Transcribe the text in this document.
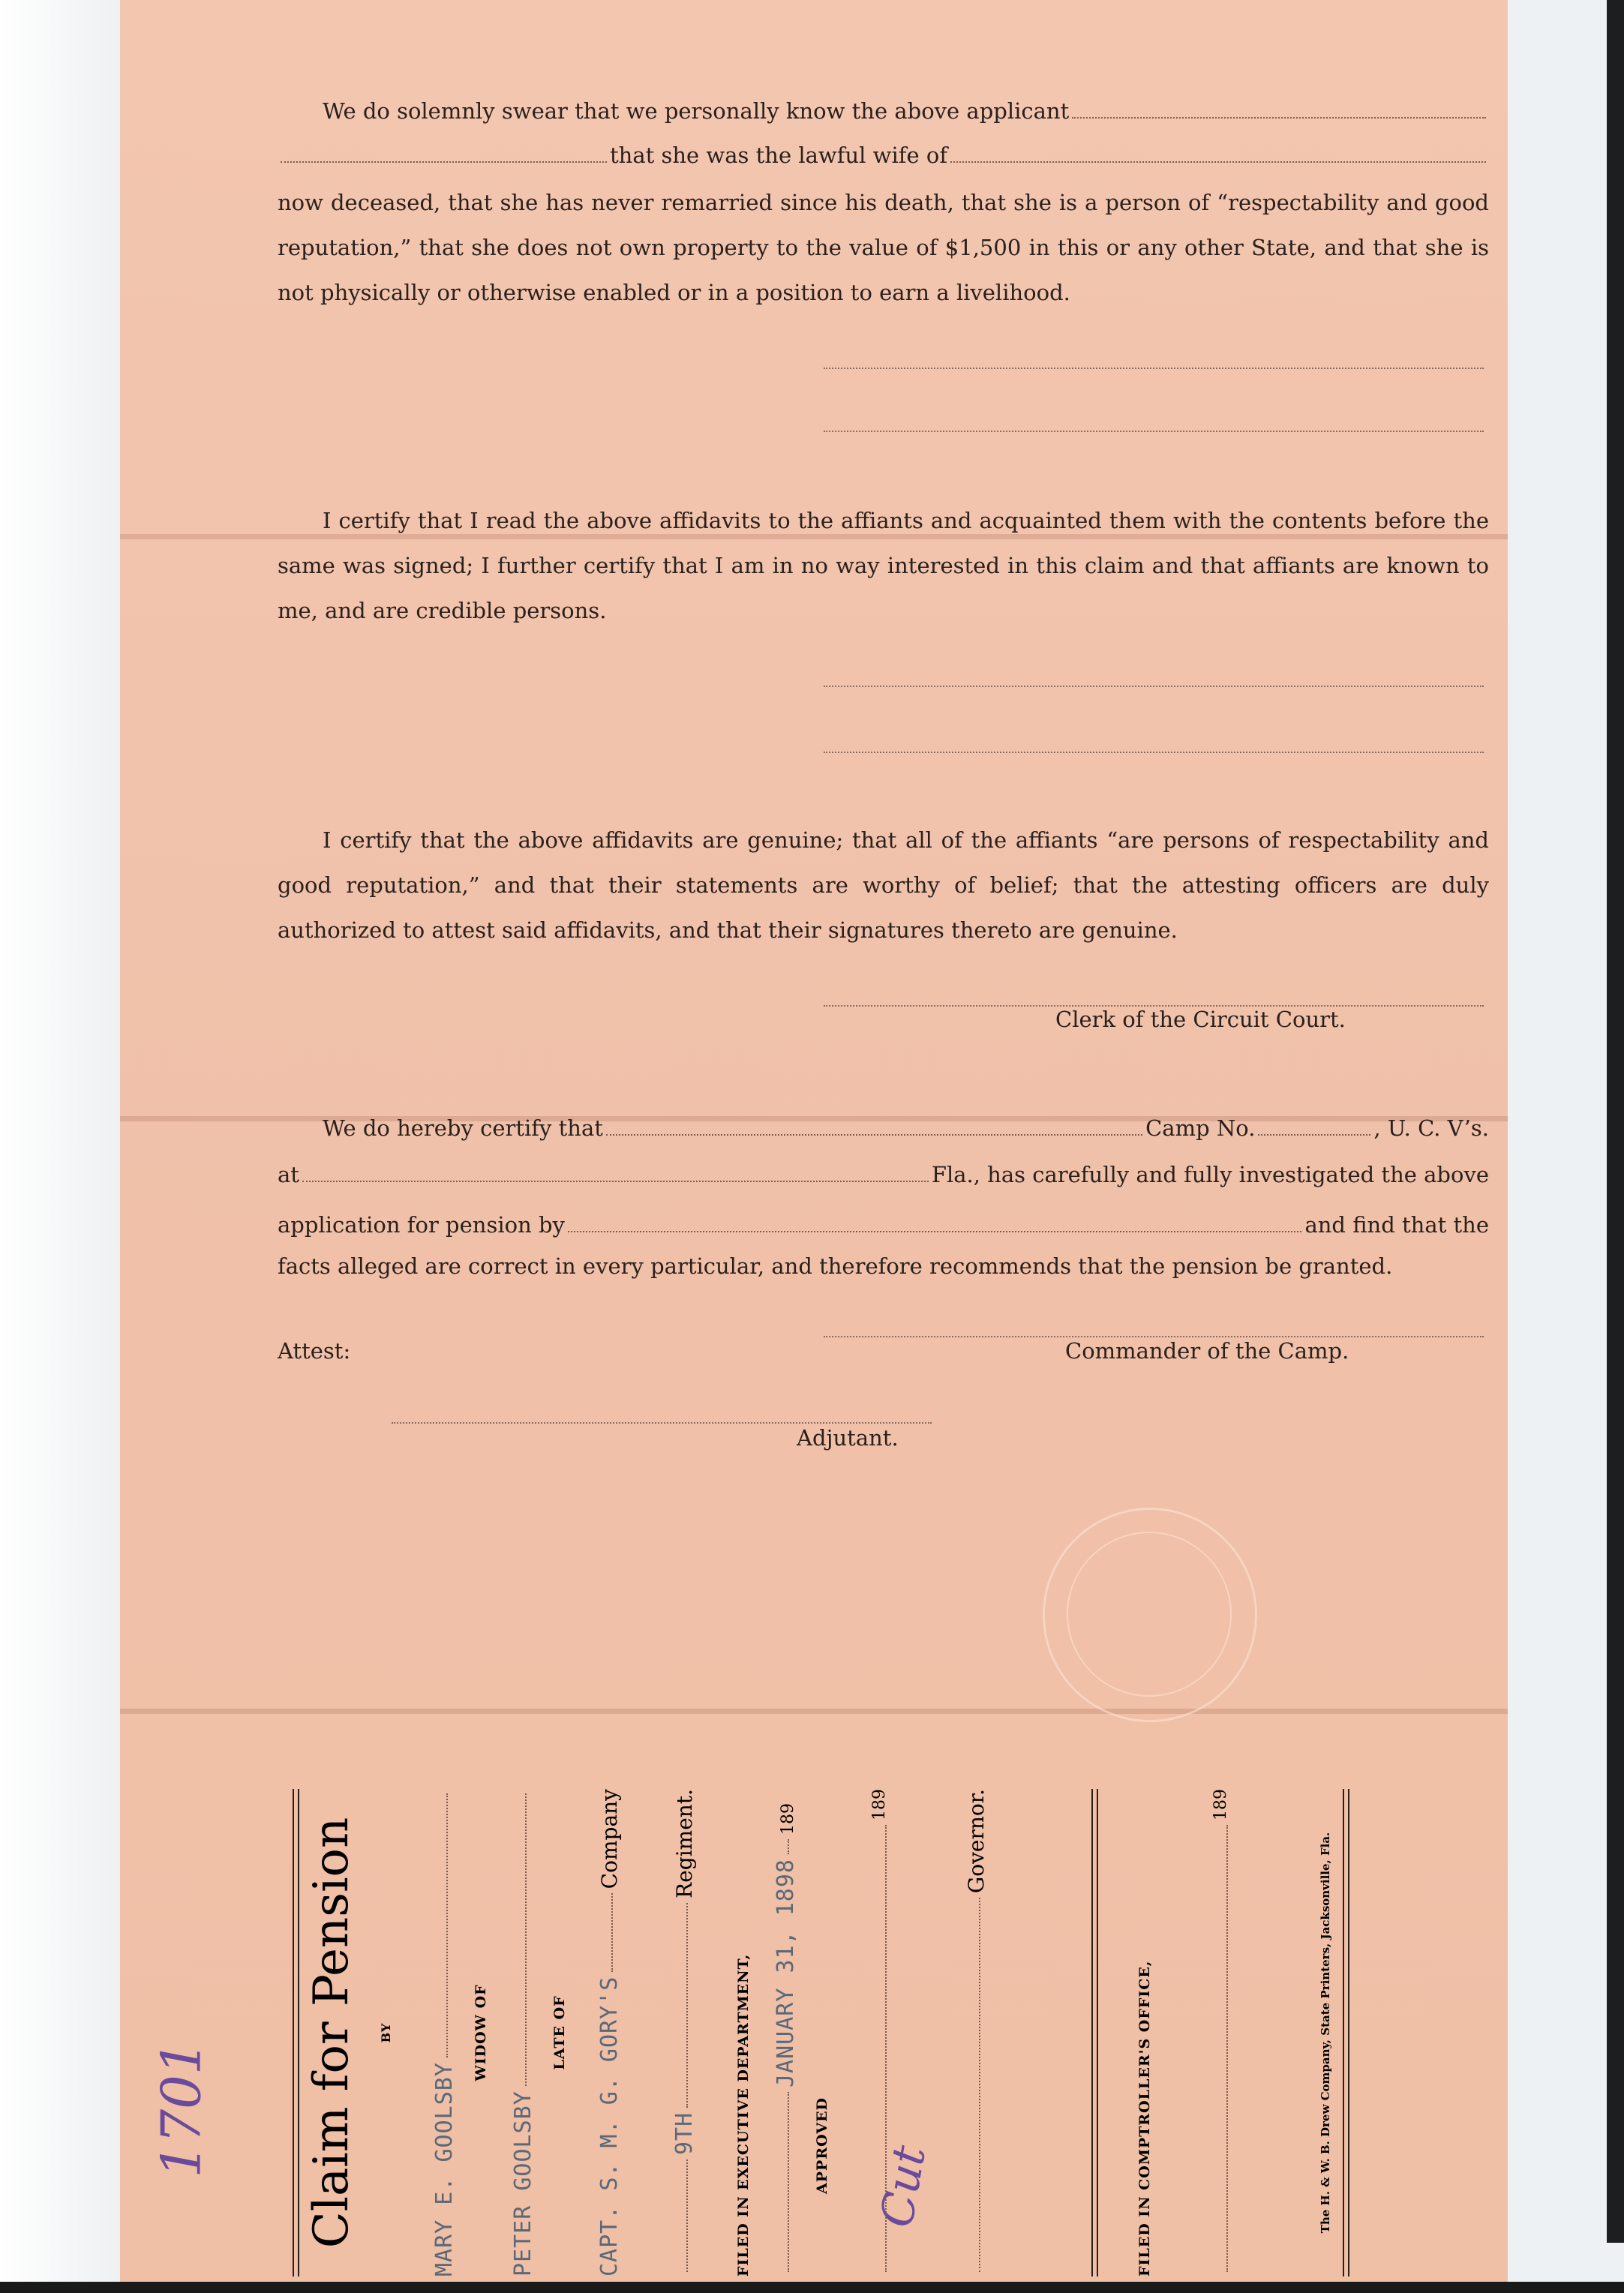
We do solemnly swear that we personally know the above applicant
that she was the lawful wife of
now deceased, that she has never remarried since his death, that she is a person of “respectability and good reputation,” that she does not own property to the value of $1,500 in this or any other State, and that she is not physically or otherwise enabled or in a position to earn a livelihood.
I certify that I read the above affidavits to the affiants and acquainted them with the contents before the same was signed; I further certify that I am in no way interested in this claim and that affiants are known to me, and are credible persons.
I certify that the above affidavits are genuine; that all of the affiants “are persons of respectability and good reputation,” and that their statements are worthy of belief; that the attesting officers are duly authorized to attest said affidavits, and that their signatures thereto are genuine.
Clerk of the Circuit Court.
We do hereby certify that	Camp No.	, U. C. V’s.
at	Fla., has carefully and fully investigated the above
application for pension by	and find that the
facts alleged are correct in every particular, and therefore recommends that the pension be granted.
Attest:	Commander of the Camp.
Adjutant.
1701
Cut
Claim for Pension BY
MARY E. GOOLSBY
WIDOW OF
PETER GOOLSBY
LATE OF CAPT. S. M. G. GORY'S
Company
9TH
Regiment.
FILED IN EXECUTIVE DEPARTMENT, JANUARY 31, 1898
189
APPROVED
189	Governor.
FILED IN COMPTROLLER'S OFFICE,
189
The H. & W. B. Drew Company, State Printers, Jacksonville, Fla.
